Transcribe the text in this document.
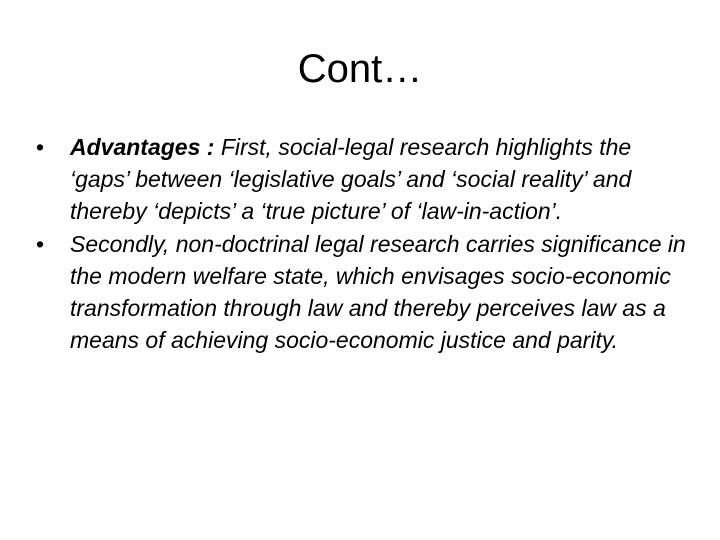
Cont…
• Advantages : First, social-legal research highlights the ‘gaps’ between ‘legislative goals’ and ‘social reality’ and thereby ‘depicts’ a ‘true picture’ of ‘law-in-action’.
• Secondly, non-doctrinal legal research carries significance in the modern welfare state, which envisages socio-economic transformation through law and thereby perceives law as a means of achieving socio-economic justice and parity.
